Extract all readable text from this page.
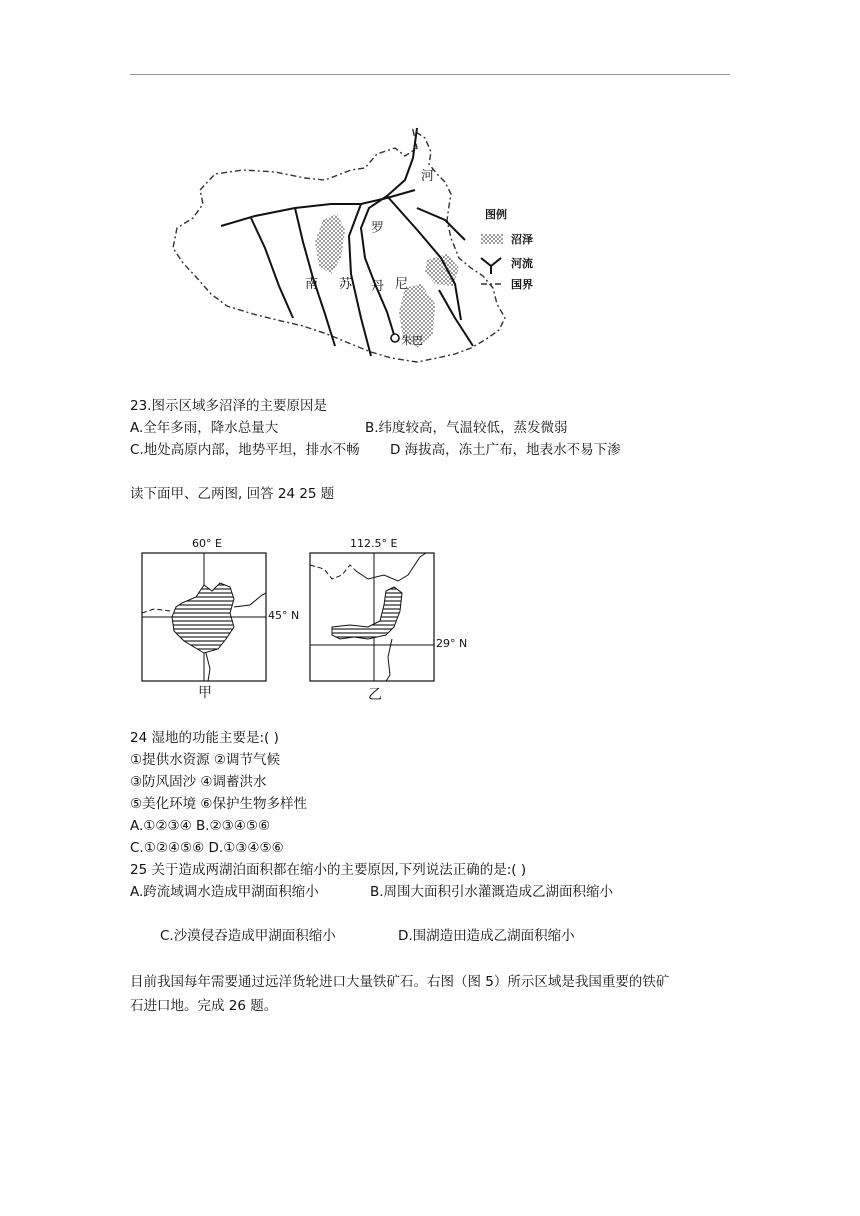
河
罗
南 苏 丹 尼
朱巴
图例
沼泽
河流
国界
23.图示区域多沼泽的主要原因是
A.全年多雨，降水总量大	B.纬度较高，气温较低，蒸发微弱
C.地处高原内部，地势平坦，排水不畅 D 海拔高，冻土广布，地表水不易下渗
读下面甲、乙两图, 回答 24 25 题
60° E
45° N
甲
112.5° E
29° N
乙
24 湿地的功能主要是:( )
①提供水资源 ②调节气候
③防风固沙 ④调蓄洪水
⑤美化环境 ⑥保护生物多样性
A.①②③④ B.②③④⑤⑥
C.①②④⑤⑥ D.①③④⑤⑥
25 关于造成两湖泊面积都在缩小的主要原因,下列说法正确的是:( )
A.跨流域调水造成甲湖面积缩小	B.周围大面积引水灌溉造成乙湖面积缩小
C.沙漠侵吞造成甲湖面积缩小	D.围湖造田造成乙湖面积缩小
目前我国每年需要通过远洋货轮进口大量铁矿石。右图（图 5）所示区域是我国重要的铁矿
石进口地。完成 26 题。
